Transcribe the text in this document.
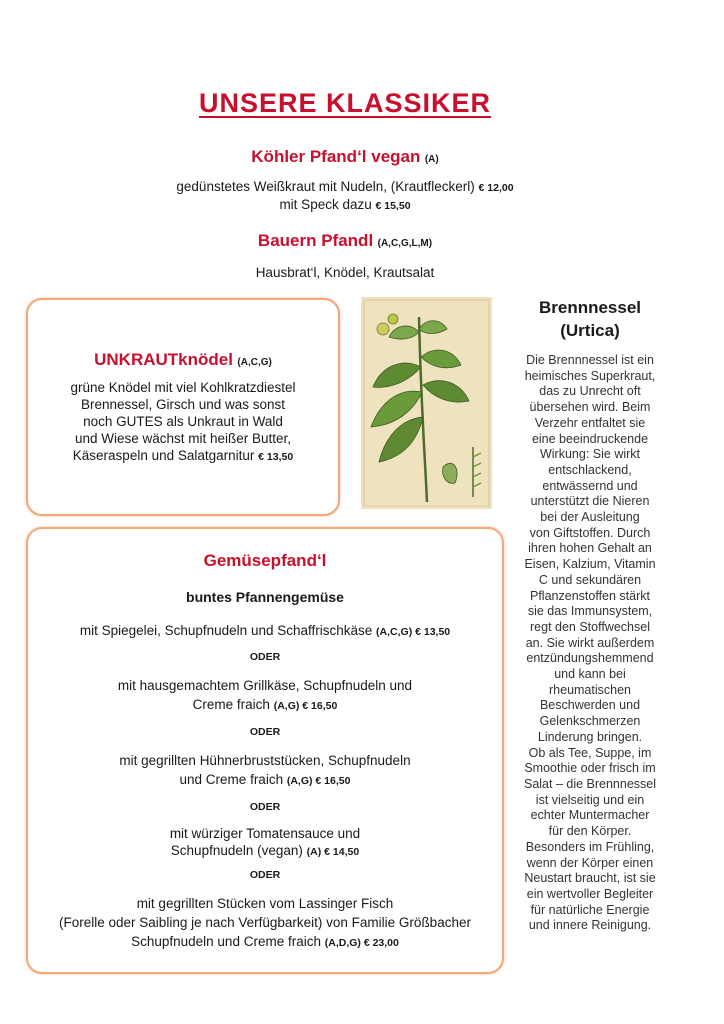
UNSERE KLASSIKER
Köhler Pfand‘l vegan (A)
gedünstetes Weißkraut mit Nudeln, (Krautfleckerl) € 12,00
mit Speck dazu € 15,50
Bauern Pfandl (A,C,G,L,M)
Hausbrat‘l, Knödel, Krautsalat
UNKRAUTknödel (A,C,G)
grüne Knödel mit viel Kohlkratzdiestel
Brennessel, Girsch und was sonst
noch GUTES als Unkraut in Wald
und Wiese wächst mit heißer Butter,
Käseraspeln und Salatgarnitur € 13,50
Brennnessel
(Urtica)
Die Brennnessel ist ein
heimisches Superkraut,
das zu Unrecht oft
übersehen wird. Beim
Verzehr entfaltet sie
eine beeindruckende
Wirkung: Sie wirkt
entschlackend,
entwässernd und
unterstützt die Nieren
bei der Ausleitung
von Giftstoffen. Durch
ihren hohen Gehalt an
Eisen, Kalzium, Vitamin
C und sekundären
Pflanzenstoffen stärkt
sie das Immunsystem,
regt den Stoffwechsel
an. Sie wirkt außerdem
entzündungshemmend
und kann bei
rheumatischen
Beschwerden und
Gelenkschmerzen
Linderung bringen.
Ob als Tee, Suppe, im
Smoothie oder frisch im
Salat – die Brennnessel
ist vielseitig und ein
echter Muntermacher
für den Körper.
Besonders im Frühling,
wenn der Körper einen
Neustart braucht, ist sie
ein wertvoller Begleiter
für natürliche Energie
und innere Reinigung.
Gemüsepfand‘l
buntes Pfannengemüse
mit Spiegelei, Schupfnudeln und Schaffrischkäse (A,C,G) € 13,50
ODER
mit hausgemachtem Grillkäse, Schupfnudeln und
Creme fraich (A,G) € 16,50
ODER
mit gegrillten Hühnerbruststücken, Schupfnudeln
und Creme fraich (A,G) € 16,50
ODER
mit würziger Tomatensauce und
Schupfnudeln (vegan) (A) € 14,50
ODER
mit gegrillten Stücken vom Lassinger Fisch
(Forelle oder Saibling je nach Verfügbarkeit) von Familie Größbacher
Schupfnudeln und Creme fraich (A,D,G) € 23,00
